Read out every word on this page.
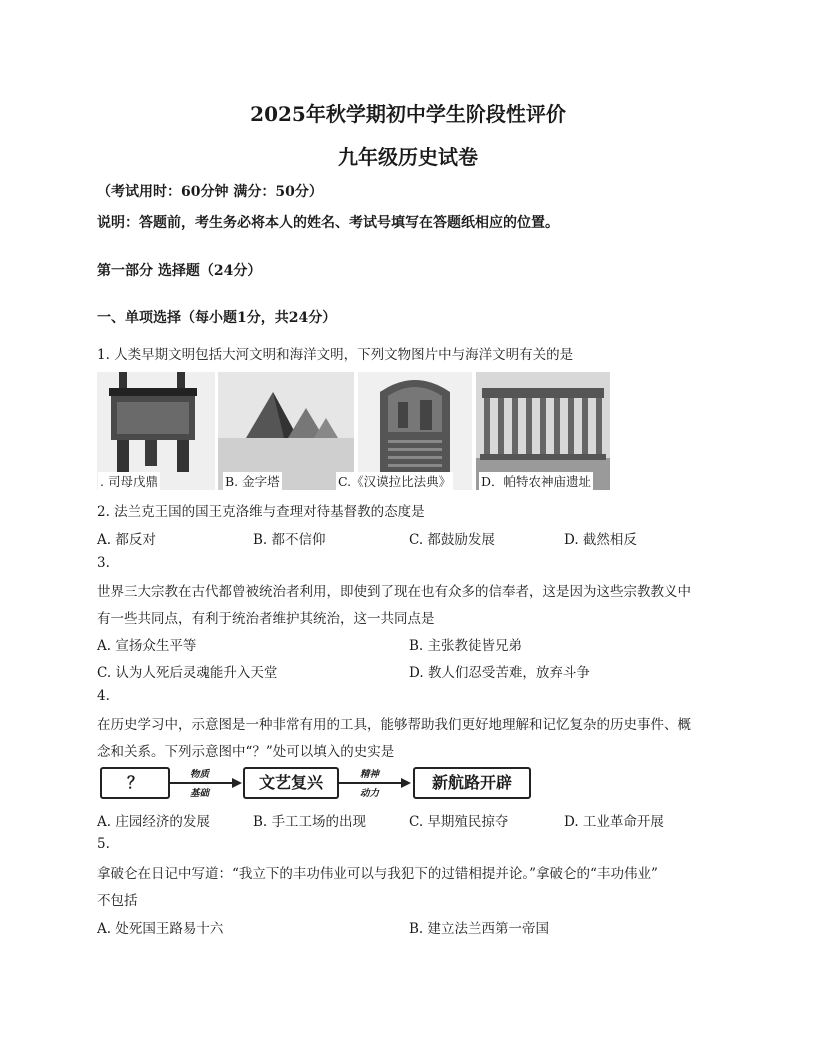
2025年秋学期初中学生阶段性评价
九年级历史试卷
（考试用时：60分钟 满分：50分）
说明：答题前，考生务必将本人的姓名、考试号填写在答题纸相应的位置。
第一部分 选择题（24分）
一、单项选择（每小题1分，共24分）
1. 人类早期文明包括大河文明和海洋文明，下列文物图片中与海洋文明有关的是
. 司母戊鼎	B. 金字塔	C.《汉谟拉比法典》 D．帕特农神庙遗址
2. 法兰克王国的国王克洛维与查理对待基督教的态度是
A. 都反对	B. 都不信仰	C. 都鼓励发展	D. 截然相反
3.
世界三大宗教在古代都曾被统治者利用，即使到了现在也有众多的信奉者，这是因为这些宗教教义中
有一些共同点，有利于统治者维护其统治，这一共同点是
A. 宣扬众生平等	B. 主张教徒皆兄弟
C. 认为人死后灵魂能升入天堂	D. 教人们忍受苦难，放弃斗争
4.
在历史学习中，示意图是一种非常有用的工具，能够帮助我们更好地理解和记忆复杂的历史事件、概
念和关系。下列示意图中“？”处可以填入的史实是
？	物质
基础
文艺复兴	精神
动力
新航路开辟
A. 庄园经济的发展	B. 手工工场的出现	C. 早期殖民掠夺	D. 工业革命开展
5.
拿破仑在日记中写道：“我立下的丰功伟业可以与我犯下的过错相提并论。”拿破仑的“丰功伟业”
不包括
A. 处死国王路易十六	B. 建立法兰西第一帝国
